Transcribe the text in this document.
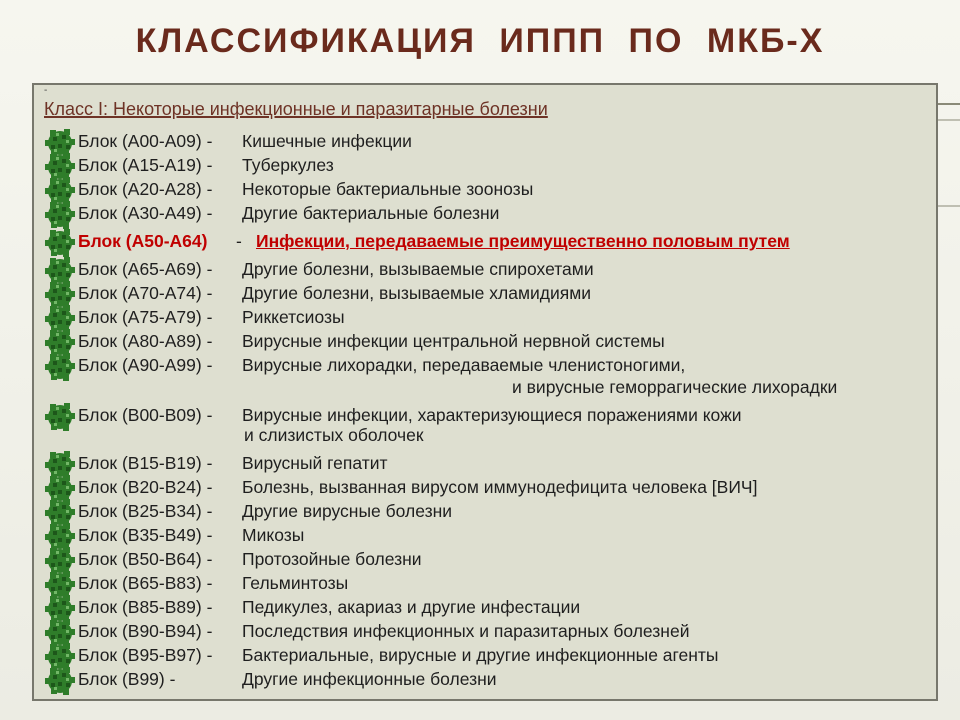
КЛАССИФИКАЦИЯ ИППП ПО МКБ-Х
-
Класс I: Некоторые инфекционные и паразитарные болезни
Блок (А00-А09) - Кишечные инфекции
Блок (А15-А19) - Туберкулез
Блок (А20-А28) - Некоторые бактериальные зоонозы
Блок (А30-А49) - Другие бактериальные болезни
Блок (А50-А64) - Инфекции, передаваемые преимущественно половым путем
Блок (А65-А69) - Другие болезни, вызываемые спирохетами
Блок (А70-А74) - Другие болезни, вызываемые хламидиями
Блок (А75-А79) - Риккетсиозы
Блок (А80-А89) - Вирусные инфекции центральной нервной системы
Блок (А90-А99) - Вирусные лихорадки, передаваемые членистоногими,
и вирусные геморрагические лихорадки
Блок (В00-В09) - Вирусные инфекции, характеризующиеся поражениями кожи
и слизистых оболочек
Блок (В15-В19) - Вирусный гепатит
Блок (В20-В24) - Болезнь, вызванная вирусом иммунодефицита человека [ВИЧ]
Блок (В25-В34) - Другие вирусные болезни
Блок (В35-В49) - Микозы
Блок (В50-В64) - Протозойные болезни
Блок (В65-В83) - Гельминтозы
Блок (В85-В89) - Педикулез, акариаз и другие инфестации
Блок (В90-В94) - Последствия инфекционных и паразитарных болезней
Блок (В95-В97) - Бактериальные, вирусные и другие инфекционные агенты
Блок (В99) -	Другие инфекционные болезни
